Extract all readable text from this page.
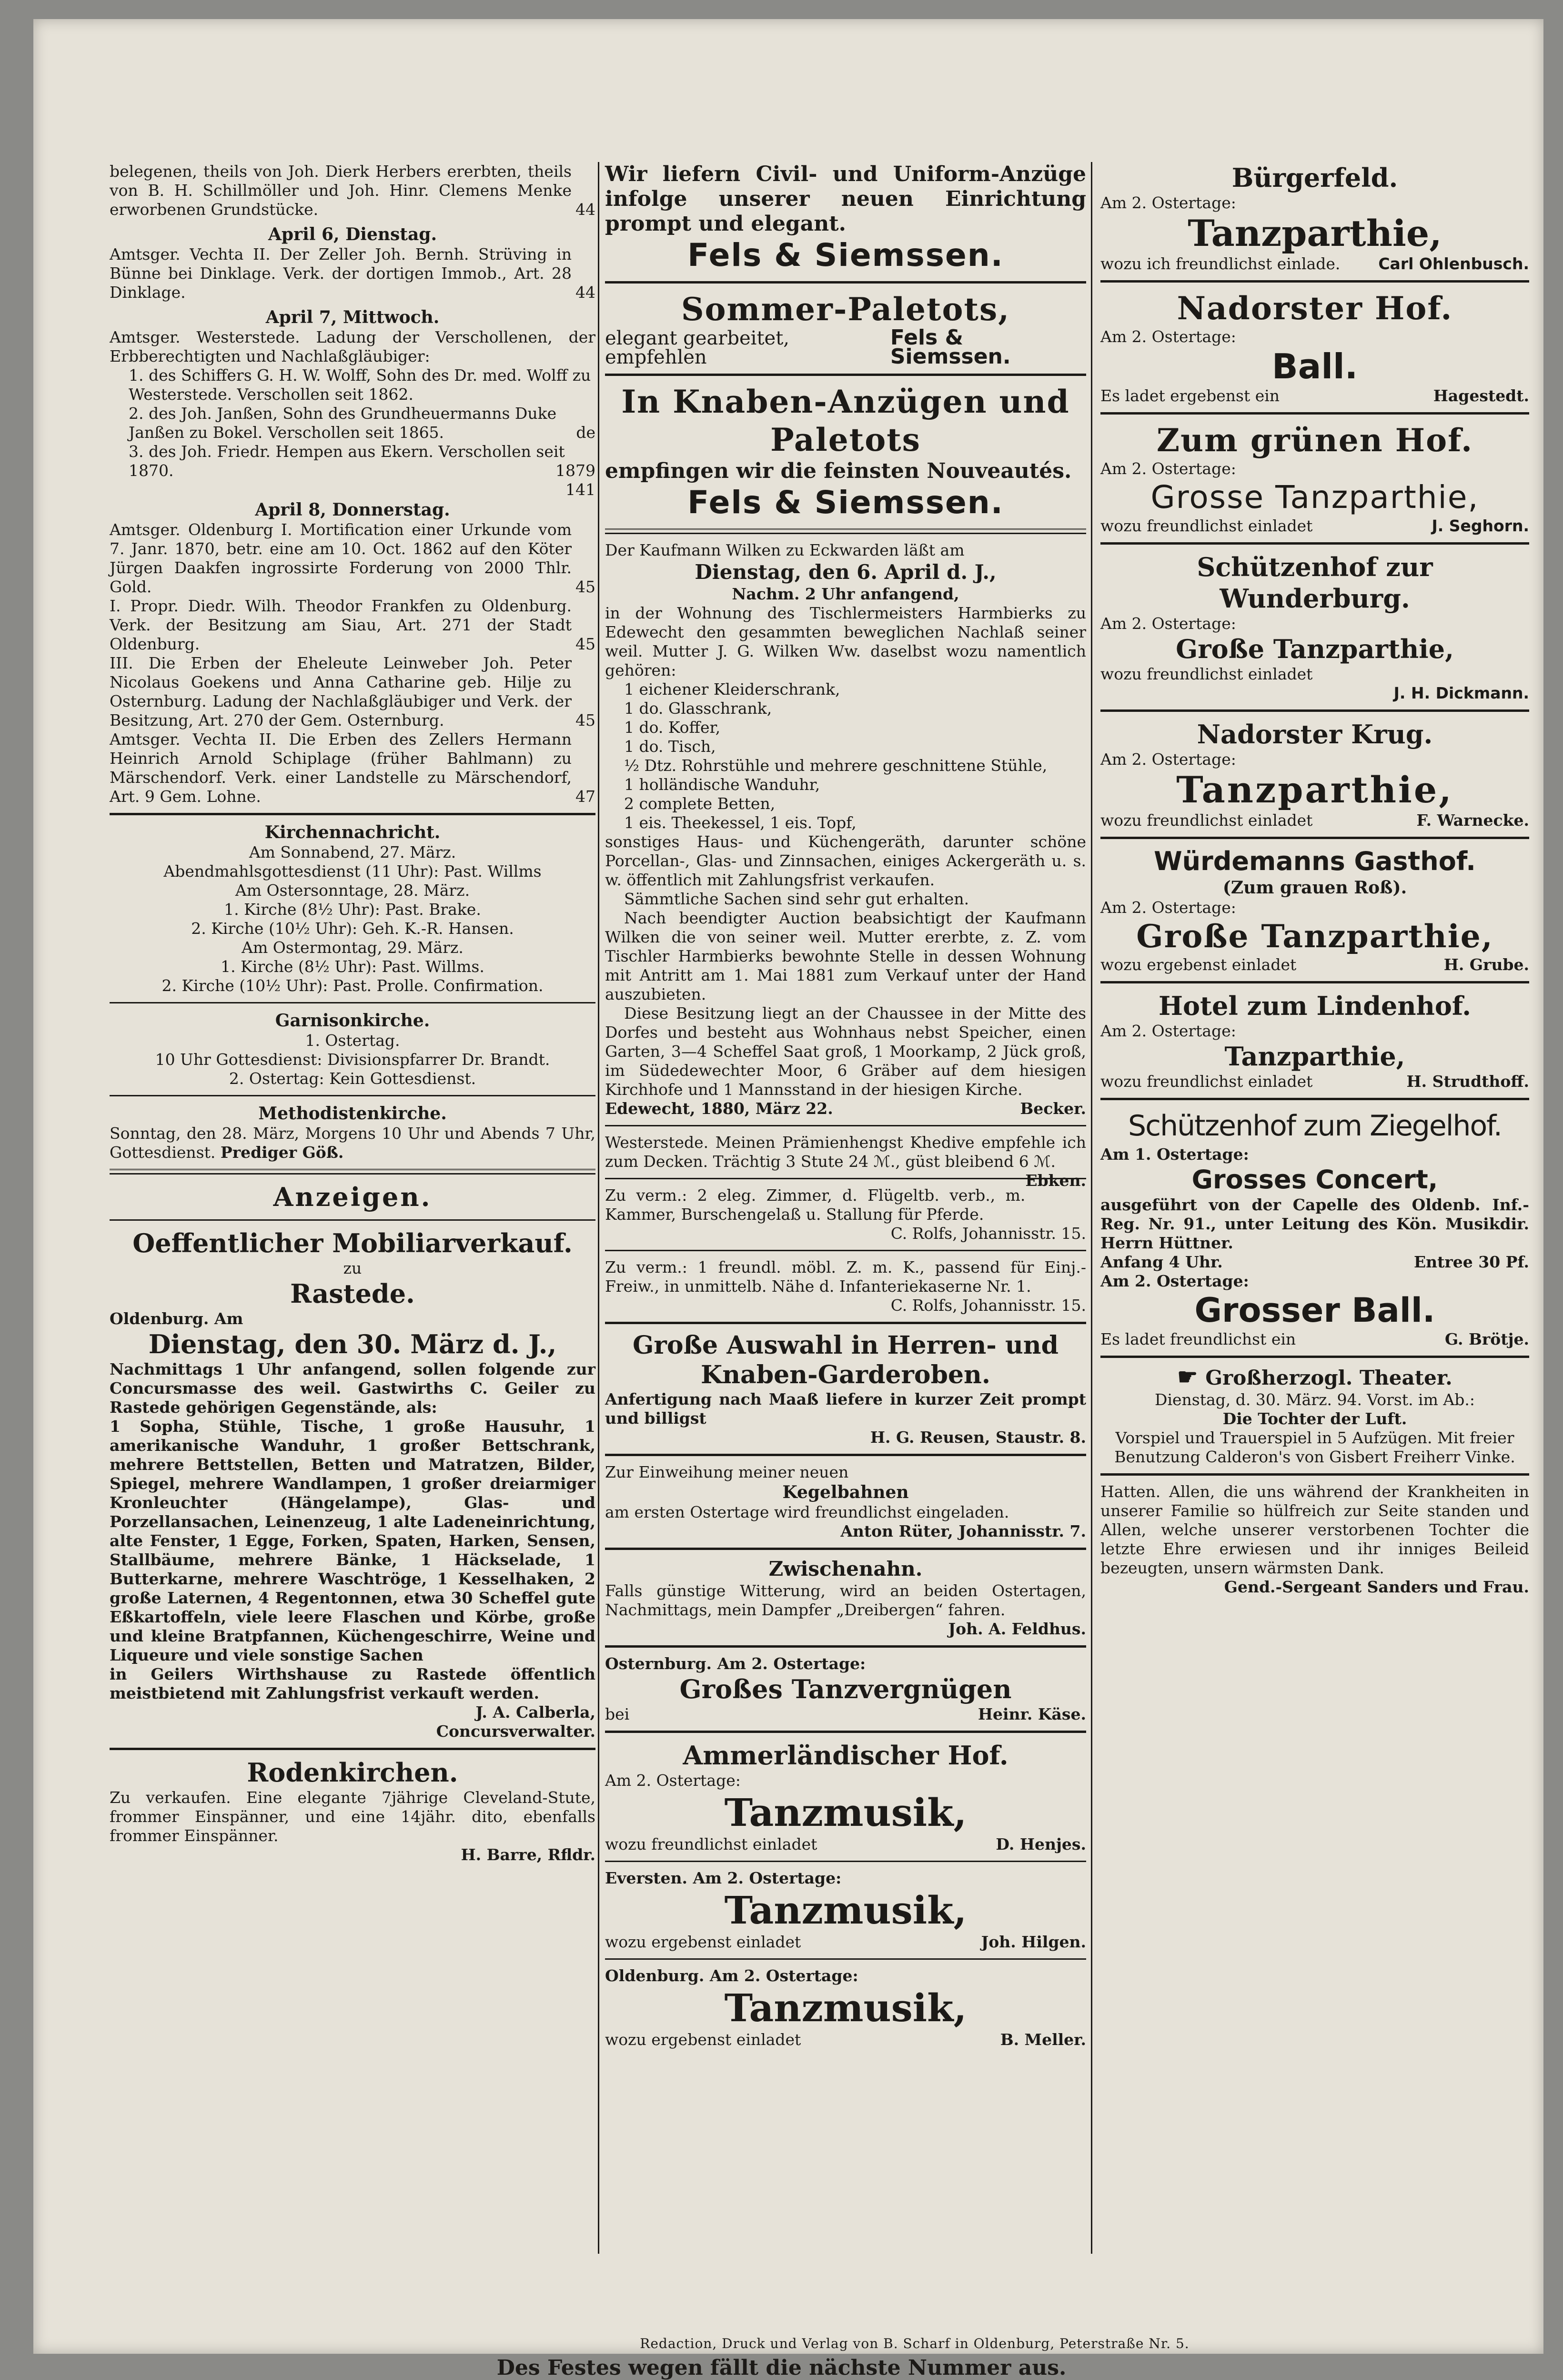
belegenen, theils von Joh. Dierk Herbers ererbten, theils von B. H. Schillmöller und Joh. Hinr. Clemens Menke erworbenen Grundstücke.	44
April 6, Dienstag.

Amtsger. Vechta II. Der Zeller Joh. Bernh. Strüving in Bünne bei Dinklage. Verk. der dortigen Immob., Art. 28 Dinklage.	44
April 7, Mittwoch.

Amtsger. Westerstede. Ladung der Verschollenen, der Erbberechtigten und Nachlaßgläubiger:

1. des Schiffers G. H. W. Wolff, Sohn des Dr. med. Wolff zu Westerstede. Verschollen seit 1862.
2. des Joh. Janßen, Sohn des Grundheuermanns Duke Janßen zu Bokel. Verschollen seit 1865.	de
3. des Joh. Friedr. Hempen aus Ekern. Verschollen seit 1870.	1879
141
April 8, Donnerstag.

Amtsger. Oldenburg I. Mortification einer Urkunde vom 7. Janr. 1870, betr. eine am 10. Oct. 1862 auf den Köter Jürgen Daakfen ingrossirte Forderung von 2000 Thlr. Gold.	45

I. Propr. Diedr. Wilh. Theodor Frankfen zu Oldenburg. Verk. der Besitzung am Siau, Art. 271 der Stadt Oldenburg.	45

III. Die Erben der Eheleute Leinweber Joh. Peter Nicolaus Goekens und Anna Catharine geb. Hilje zu Osternburg. Ladung der Nachlaßgläubiger und Verk. der Besitzung, Art. 270 der Gem. Osternburg.	45

Amtsger. Vechta II. Die Erben des Zellers Hermann Heinrich Arnold Schiplage (früher Bahlmann) zu Märschendorf. Verk. einer Landstelle zu Märschendorf, Art. 9 Gem. Lohne.	47
Kirchennachricht.

Am Sonnabend, 27. März.

Abendmahlsgottesdienst (11 Uhr): Past. Willms

Am Ostersonntage, 28. März.

1. Kirche (8½ Uhr): Past. Brake.

2. Kirche (10½ Uhr): Geh. K.-R. Hansen.

Am Ostermontag, 29. März.

1. Kirche (8½ Uhr): Past. Willms.

2. Kirche (10½ Uhr): Past. Prolle. Confirmation.

Garnisonkirche.

1. Ostertag.

10 Uhr Gottesdienst: Divisionspfarrer Dr. Brandt.

2. Ostertag: Kein Gottesdienst.

Methodistenkirche.

Sonntag, den 28. März, Morgens 10 Uhr und Abends 7 Uhr, Gottesdienst. Prediger Göß.

Anzeigen.
Oeffentlicher Mobiliarverkauf.

zu

Rastede.

Oldenburg. Am

Dienstag, den 30. März d. J.,

Nachmittags 1 Uhr anfangend, sollen folgende zur Concursmasse des weil. Gastwirths C. Geiler zu Rastede gehörigen Gegenstände, als:

1 Sopha, Stühle, Tische, 1 große Hausuhr, 1 amerikanische Wanduhr, 1 großer Bettschrank, mehrere Bettstellen, Betten und Matratzen, Bilder, Spiegel, mehrere Wandlampen, 1 großer dreiarmiger Kronleuchter (Hängelampe), Glas- und Porzellansachen, Leinenzeug, 1 alte Ladeneinrichtung, alte Fenster, 1 Egge, Forken, Spaten, Harken, Sensen, Stallbäume, mehrere Bänke, 1 Häckselade, 1 Butterkarne, mehrere Waschtröge, 1 Kesselhaken, 2 große Laternen, 4 Regentonnen, etwa 30 Scheffel gute Eßkartoffeln, viele leere Flaschen und Körbe, große und kleine Bratpfannen, Küchengeschirre, Weine und Liqueure und viele sonstige Sachen

in Geilers Wirthshause zu Rastede öffentlich meistbietend mit Zahlungsfrist verkauft werden.

J. A. Calberla,

Concursverwalter.

Rodenkirchen.

Zu verkaufen. Eine elegante 7jährige Cleveland-Stute, frommer Einspänner, und eine 14jähr. dito, ebenfalls frommer Einspänner.

H. Barre, Rfldr.

Wir liefern Civil- und Uniform-Anzüge infolge unserer neuen Einrichtung prompt und elegant.

Fels & Siemssen.
Sommer-Paletots,
elegant gearbeitet, empfehlen
Fels & Siemssen.
In Knaben-Anzügen und Paletots

empfingen wir die feinsten Nouveautés.

Fels & Siemssen.

Der Kaufmann Wilken zu Eckwarden läßt am

Dienstag, den 6. April d. J.,

Nachm. 2 Uhr anfangend,

in der Wohnung des Tischlermeisters Harmbierks zu Edewecht den gesammten beweglichen Nachlaß seiner weil. Mutter J. G. Wilken Ww. daselbst wozu namentlich gehören:

1 eichener Kleiderschrank,
1 do. Glasschrank,
1 do. Koffer,
1 do. Tisch,
½ Dtz. Rohrstühle und mehrere geschnittene Stühle,
1 holländische Wanduhr,
2 complete Betten,
1 eis. Theekessel, 1 eis. Topf,

sonstiges Haus- und Küchengeräth, darunter schöne Porcellan-, Glas- und Zinnsachen, einiges Ackergeräth u. s. w. öffentlich mit Zahlungsfrist verkaufen.

Sämmtliche Sachen sind sehr gut erhalten.

Nach beendigter Auction beabsichtigt der Kaufmann Wilken die von seiner weil. Mutter ererbte, z. Z. vom Tischler Harmbierks bewohnte Stelle in dessen Wohnung mit Antritt am 1. Mai 1881 zum Verkauf unter der Hand auszubieten.

Diese Besitzung liegt an der Chaussee in der Mitte des Dorfes und besteht aus Wohnhaus nebst Speicher, einen Garten, 3—4 Scheffel Saat groß, 1 Moorkamp, 2 Jück groß, im Südedewechter Moor, 6 Gräber auf dem hiesigen Kirchhofe und 1 Mannsstand in der hiesigen Kirche.

Edewecht, 1880, März 22.	Becker.

Westerstede. Meinen Prämienhengst Khedive empfehle ich zum Decken. Trächtig 3 Stute 24 ℳ., güst bleibend 6 ℳ.
Ebken.

Zu verm.: 2 eleg. Zimmer, d. Flügeltb. verb., m. Kammer, Burschengelaß u. Stallung für Pferde.

C. Rolfs, Johannisstr. 15.

Zu verm.: 1 freundl. möbl. Z. m. K., passend für Einj.-Freiw., in unmittelb. Nähe d. Infanteriekaserne Nr. 1.

C. Rolfs, Johannisstr. 15.

Große Auswahl in Herren- und Knaben-Garderoben.

Anfertigung nach Maaß liefere in kurzer Zeit prompt und billigst

H. G. Reusen, Staustr. 8.

Zur Einweihung meiner neuen

Kegelbahnen

am ersten Ostertage wird freundlichst eingeladen.

Anton Rüter, Johannisstr. 7.

Zwischenahn.

Falls günstige Witterung, wird an beiden Ostertagen, Nachmittags, mein Dampfer „Dreibergen“ fahren.

Joh. A. Feldhus.

Osternburg. Am 2. Ostertage:

Großes Tanzvergnügen
bei	Heinr. Käse.
Ammerländischer Hof.

Am 2. Ostertage:

Tanzmusik,
wozu freundlichst einladet	D. Henjes.

Eversten. Am 2. Ostertage:

Tanzmusik,
wozu ergebenst einladet	Joh. Hilgen.

Oldenburg. Am 2. Ostertage:

Tanzmusik,
wozu ergebenst einladet	B. Meller.
Bürgerfeld.

Am 2. Ostertage:

Tanzparthie,
wozu ich freundlichst einlade. Carl Ohlenbusch.
Nadorster Hof.

Am 2. Ostertage:

Ball.
Es ladet ergebenst ein	Hagestedt.
Zum grünen Hof.

Am 2. Ostertage:

Grosse Tanzparthie,
wozu freundlichst einladet	J. Seghorn.
Schützenhof zur Wunderburg.

Am 2. Ostertage:

Große Tanzparthie,

wozu freundlichst einladet

J. H. Dickmann.

Nadorster Krug.

Am 2. Ostertage:

Tanzparthie,
wozu freundlichst einladet	F. Warnecke.
Würdemanns Gasthof.
(Zum grauen Roß).

Am 2. Ostertage:

Große Tanzparthie,
wozu ergebenst einladet	H. Grube.
Hotel zum Lindenhof.

Am 2. Ostertage:

Tanzparthie,
wozu freundlichst einladet	H. Strudthoff.
Schützenhof zum Ziegelhof.

Am 1. Ostertage:

Grosses Concert,

ausgeführt von der Capelle des Oldenb. Inf.-Reg. Nr. 91., unter Leitung des Kön. Musikdir. Herrn Hüttner.

Anfang 4 Uhr.	Entree 30 Pf.

Am 2. Ostertage:

Grosser Ball.
Es ladet freundlichst ein	G. Brötje.
☛ Großherzogl. Theater.

Dienstag, d. 30. März. 94. Vorst. im Ab.:

Die Tochter der Luft.

Vorspiel und Trauerspiel in 5 Aufzügen. Mit freier Benutzung Calderon's von Gisbert Freiherr Vinke.

Hatten. Allen, die uns während der Krankheiten in unserer Familie so hülfreich zur Seite standen und Allen, welche unserer verstorbenen Tochter die letzte Ehre erwiesen und ihr inniges Beileid bezeugten, unsern wärmsten Dank.

Gend.-Sergeant Sanders und Frau.

Redaction, Druck und Verlag von B. Scharf in Oldenburg, Peterstraße Nr. 5.
Des Festes wegen fällt die nächste Nummer aus.
